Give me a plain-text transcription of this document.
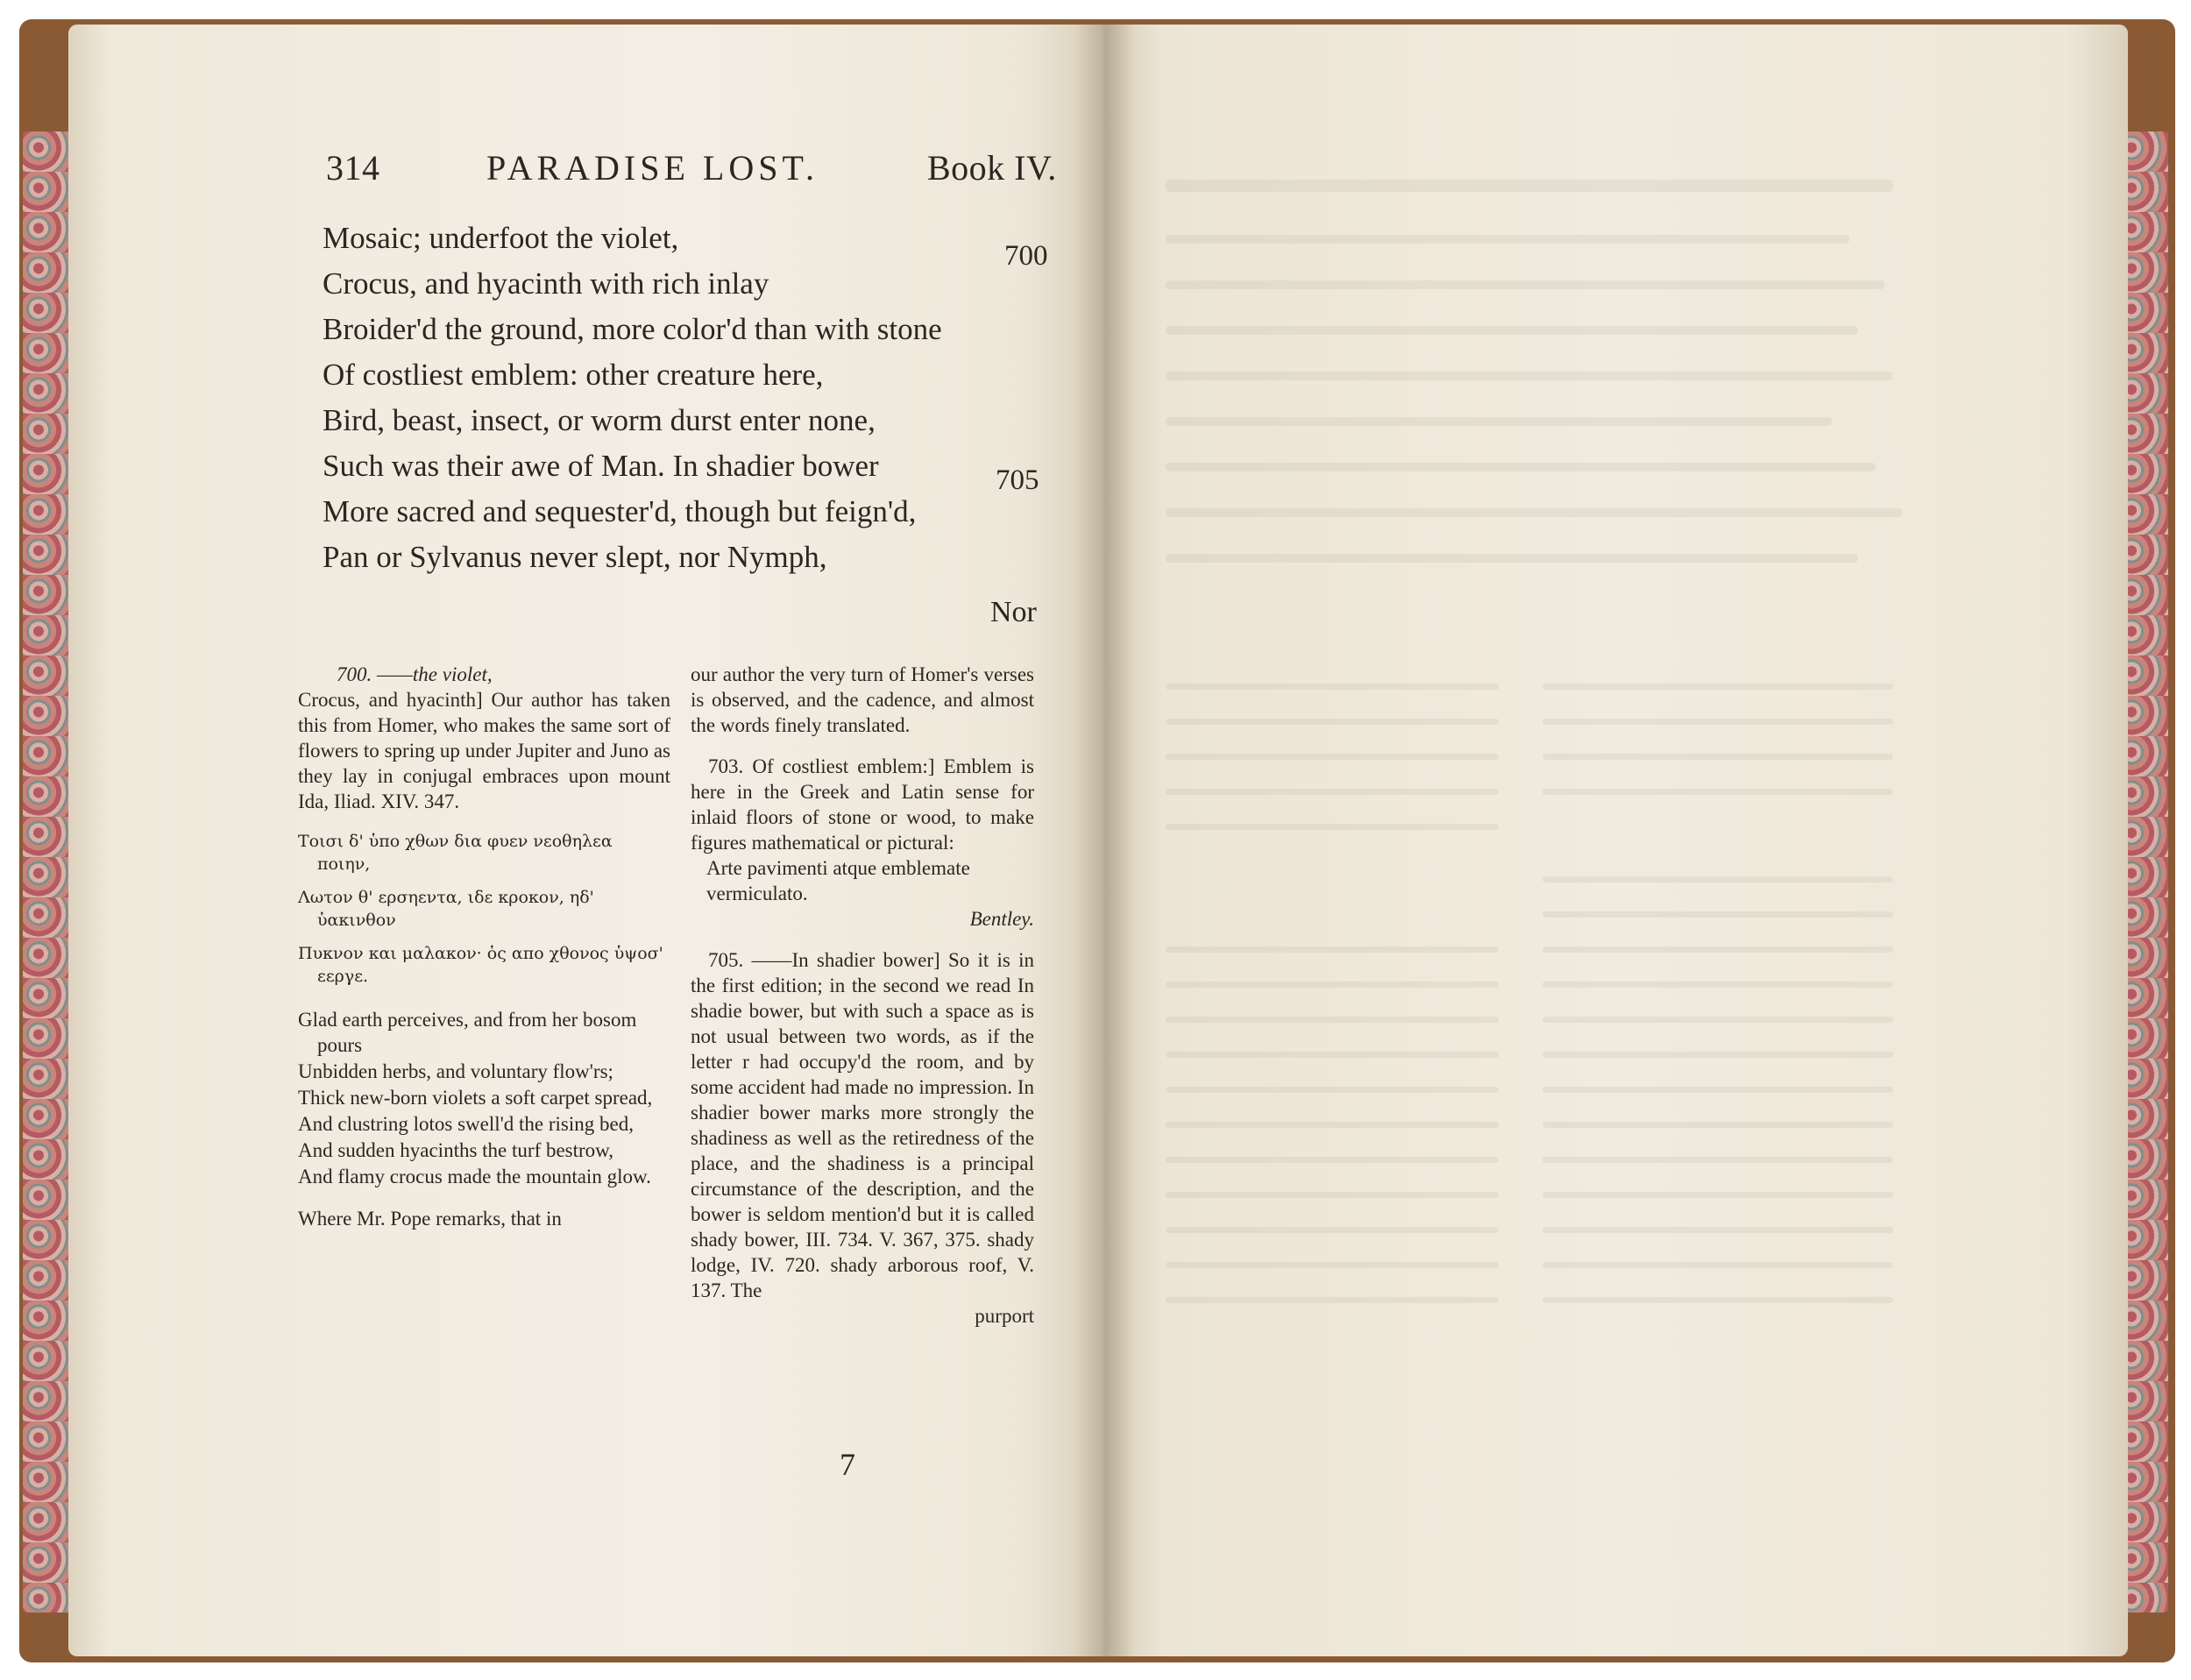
314	PARADISE LOST.	Book IV.
Mosaic; underfoot the violet,
Crocus, and hyacinth with rich inlay
Broider'd the ground, more color'd than with stone
Of costliest emblem: other creature here,
Bird, beast, insect, or worm durst enter none,
Such was their awe of Man. In shadier bower
More sacred and sequester'd, though but feign'd,
Pan or Sylvanus never slept, nor Nymph,
700
705
Nor

700. ——the violet,

Crocus, and hyacinth] Our author has taken this from Homer, who makes the same sort of flowers to spring up under Jupiter and Juno as they lay in conjugal embraces upon mount Ida, Iliad. XIV. 347.

Τοισι δ' ὑπο χθων δια φυεν νεοθηλεα ποιην,
Λωτον θ' ερσηεντα, ιδε κροκον, ηδ' ὑακινθον
Πυκνον και μαλακον· ὁς απο χθονος ὑψοσ' εεργε.
Glad earth perceives, and from her bosom pours
Unbidden herbs, and voluntary flow'rs;
Thick new-born violets a soft carpet spread,
And clustring lotos swell'd the rising bed,
And sudden hyacinths the turf bestrow,
And flamy crocus made the mountain glow.

Where Mr. Pope remarks, that in

our author the very turn of Homer's verses is observed, and the cadence, and almost the words finely translated.

703. Of costliest emblem:] Emblem is here in the Greek and Latin sense for inlaid floors of stone or wood, to make figures mathematical or pictural:

Arte pavimenti atque emblemate vermiculato.

Bentley.

705. ——In shadier bower] So it is in the first edition; in the second we read In shadie bower, but with such a space as is not usual between two words, as if the letter r had occupy'd the room, and by some accident had made no impression. In shadier bower marks more strongly the shadiness as well as the retiredness of the place, and the shadiness is a principal circumstance of the description, and the bower is seldom mention'd but it is called shady bower, III. 734. V. 367, 375. shady lodge, IV. 720. shady arborous roof, V. 137. The

purport

7
